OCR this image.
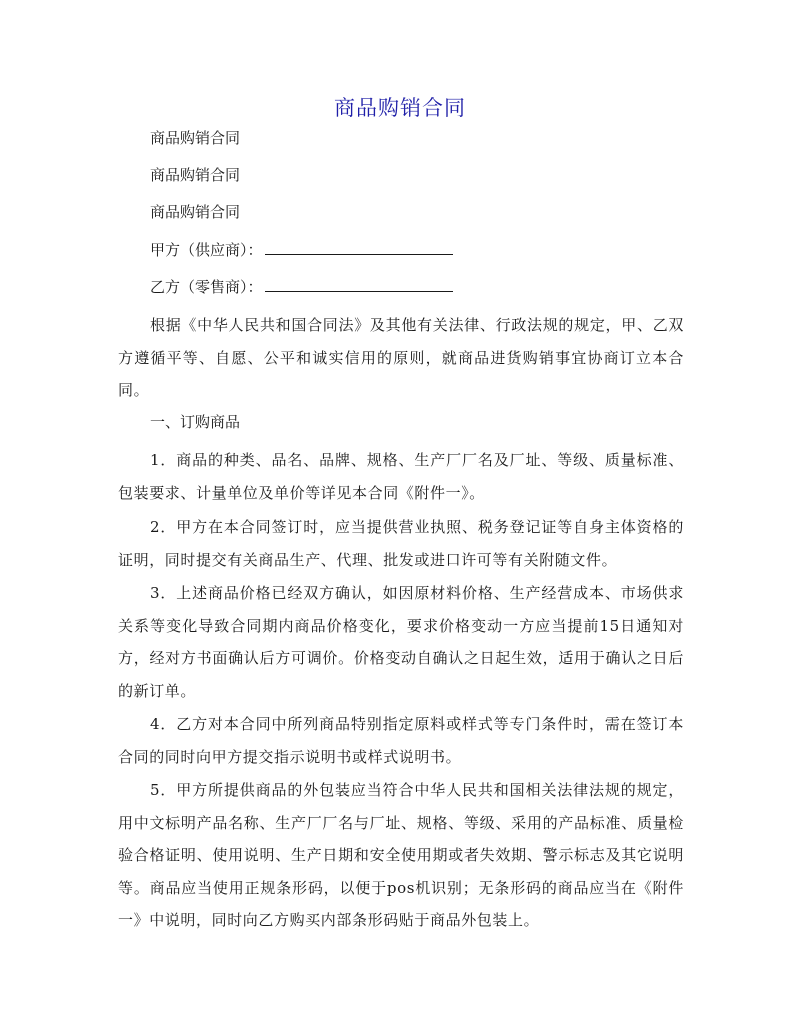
商品购销合同
商品购销合同
商品购销合同
商品购销合同
甲方（供应商）：
乙方（零售商）：
根据《中华人民共和国合同法》及其他有关法律、行政法规的规定，甲、乙双方遵循平等、自愿、公平和诚实信用的原则，就商品进货购销事宜协商订立本合同。
一、订购商品
1．商品的种类、品名、品牌、规格、生产厂厂名及厂址、等级、质量标准、包装要求、计量单位及单价等详见本合同《附件一》。
2．甲方在本合同签订时，应当提供营业执照、税务登记证等自身主体资格的证明，同时提交有关商品生产、代理、批发或进口许可等有关附随文件。
3．上述商品价格已经双方确认，如因原材料价格、生产经营成本、市场供求关系等变化导致合同期内商品价格变化，要求价格变动一方应当提前15日通知对方，经对方书面确认后方可调价。价格变动自确认之日起生效，适用于确认之日后的新订单。
4．乙方对本合同中所列商品特别指定原料或样式等专门条件时，需在签订本合同的同时向甲方提交指示说明书或样式说明书。
5．甲方所提供商品的外包装应当符合中华人民共和国相关法律法规的规定，用中文标明产品名称、生产厂厂名与厂址、规格、等级、采用的产品标准、质量检验合格证明、使用说明、生产日期和安全使用期或者失效期、警示标志及其它说明等。商品应当使用正规条形码，以便于pos机识别；无条形码的商品应当在《附件一》中说明，同时向乙方购买内部条形码贴于商品外包装上。
